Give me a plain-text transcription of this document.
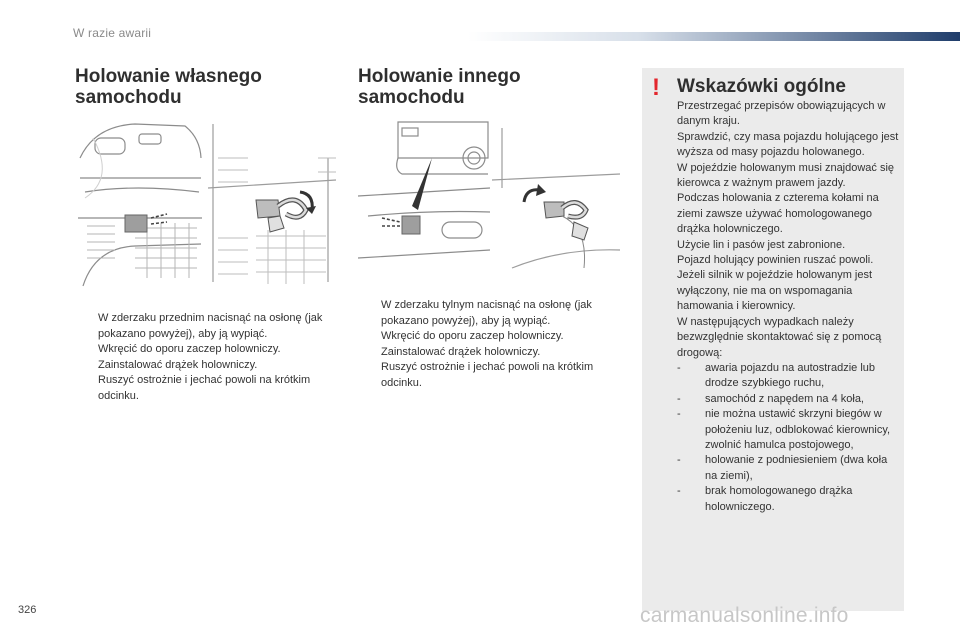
W razie awarii
Holowanie własnego
samochodu
W zderzaku przednim nacisnąć na osłonę (jak pokazano powyżej), aby ją wypiąć.
Wkręcić do oporu zaczep holowniczy.
Zainstalować drążek holowniczy.
Ruszyć ostrożnie i jechać powoli na krótkim odcinku.
Holowanie innego
samochodu
W zderzaku tylnym nacisnąć na osłonę (jak pokazano powyżej), aby ją wypiąć.
Wkręcić do oporu zaczep holowniczy.
Zainstalować drążek holowniczy.
Ruszyć ostrożnie i jechać powoli na krótkim odcinku.
! Wskazówki ogólne

Przestrzegać przepisów obowiązujących w danym kraju.

Sprawdzić, czy masa pojazdu holującego jest wyższa od masy pojazdu holowanego.

W pojeździe holowanym musi znajdować się kierowca z ważnym prawem jazdy.

Podczas holowania z czterema kołami na ziemi zawsze używać homologowanego drążka holowniczego.

Użycie lin i pasów jest zabronione.

Pojazd holujący powinien ruszać powoli.

Jeżeli silnik w pojeździe holowanym jest wyłączony, nie ma on wspomagania hamowania i kierownicy.

W następujących wypadkach należy bezwzględnie skontaktować się z pomocą drogową:

- awaria pojazdu na autostradzie lub drodze szybkiego ruchu,
- samochód z napędem na 4 koła,
- nie można ustawić skrzyni biegów w położeniu luz, odblokować kierownicy, zwolnić hamulca postojowego,
- holowanie z podniesieniem (dwa koła na ziemi),
- brak homologowanego drążka holowniczego.
326	carmanualsonline.info
